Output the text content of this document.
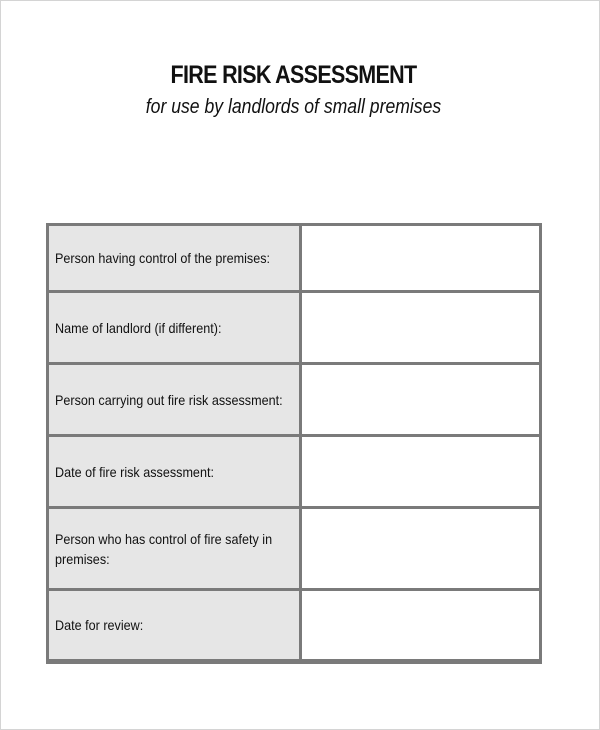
FIRE RISK ASSESSMENT
for use by landlords of small premises
Person having control of the premises:
Name of landlord (if different):
Person carrying out fire risk assessment:
Date of fire risk assessment:
Person who has control of fire safety in premises:
Date for review:
